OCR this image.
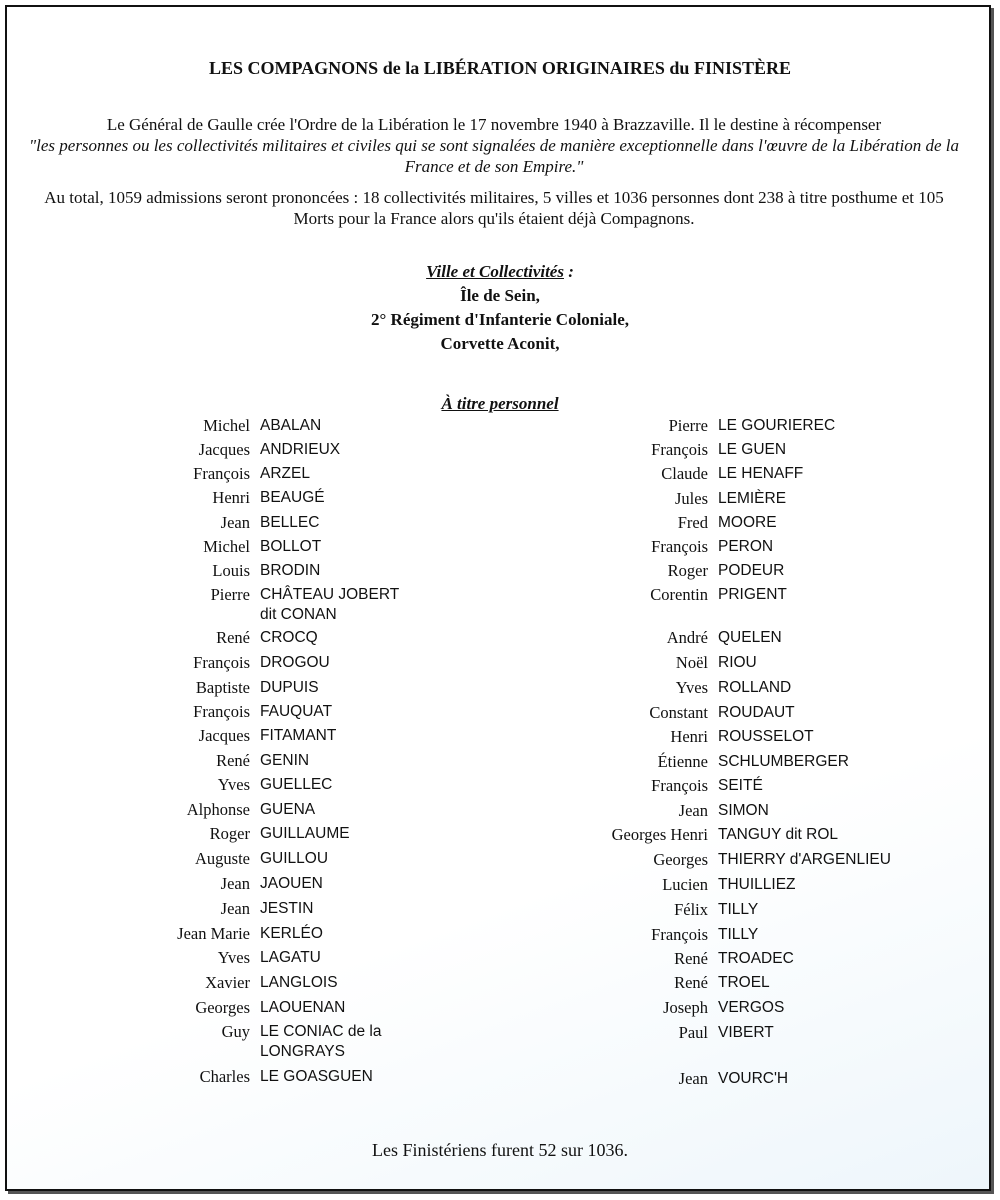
LES COMPAGNONS de la LIBÉRATION ORIGINAIRES du FINISTÈRE
Le Général de Gaulle crée l'Ordre de la Libération le 17 novembre 1940 à Brazzaville. Il le destine à récompenser
"les personnes ou les collectivités militaires et civiles qui se sont signalées de manière exceptionnelle dans l'œuvre de la Libération de la France et de son Empire."
Au total, 1059 admissions seront prononcées : 18 collectivités militaires, 5 villes et 1036 personnes dont 238 à titre posthume et 105 Morts pour la France alors qu'ils étaient déjà Compagnons.
Ville et Collectivités :
Île de Sein,
2° Régiment d'Infanterie Coloniale,
Corvette Aconit,
À titre personnel
Michel ABALAN
Jacques ANDRIEUX
François ARZEL
Henri BEAUGÉ
Jean BELLEC
Michel BOLLOT
Louis BRODIN
Pierre CHÂTEAU JOBERT
dit CONAN
René CROCQ
François DROGOU
Baptiste DUPUIS
François FAUQUAT
Jacques FITAMANT
René GENIN
Yves GUELLEC
Alphonse GUENA
Roger GUILLAUME
Auguste GUILLOU
Jean JAOUEN
Jean JESTIN
Jean Marie KERLÉO
Yves LAGATU
Xavier LANGLOIS
Georges LAOUENAN
Guy LE CONIAC de la
LONGRAYS
Charles LE GOASGUEN
Pierre LE GOURIEREC
François LE GUEN
Claude LE HENAFF
Jules LEMIÈRE
Fred MOORE
François PERON
Roger PODEUR
Corentin PRIGENT
André QUELEN
Noël RIOU
Yves ROLLAND
Constant ROUDAUT
Henri ROUSSELOT
Étienne SCHLUMBERGER
François SEITÉ
Jean SIMON
Georges Henri TANGUY dit ROL
Georges THIERRY d'ARGENLIEU
Lucien THUILLIEZ
Félix TILLY
François TILLY
René TROADEC
René TROEL
Joseph VERGOS
Paul VIBERT
Jean VOURC'H
Les Finistériens furent 52 sur 1036.
